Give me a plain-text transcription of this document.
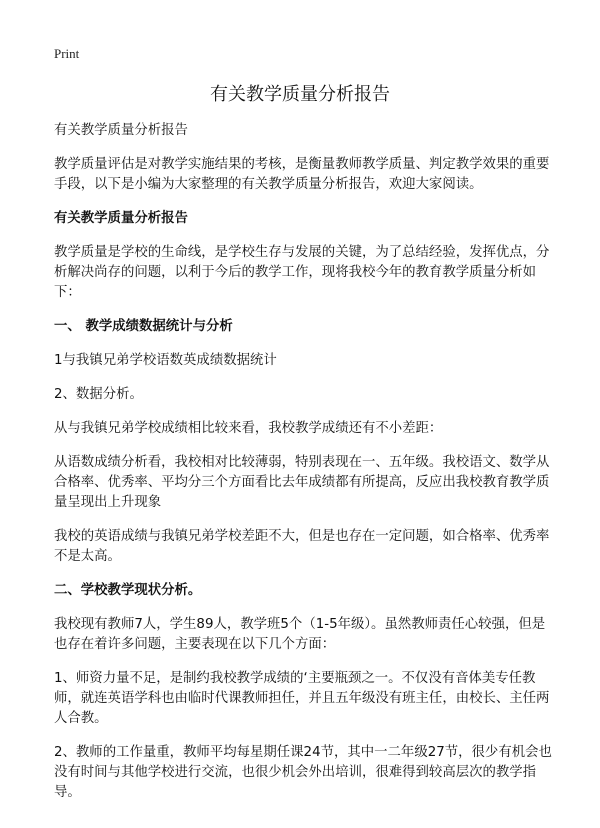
Print
有关教学质量分析报告

有关教学质量分析报告

教学质量评估是对教学实施结果的考核，是衡量教师教学质量、判定教学效果的重要手段，以下是小编为大家整理的有关教学质量分析报告，欢迎大家阅读。

有关教学质量分析报告

教学质量是学校的生命线，是学校生存与发展的关键，为了总结经验，发挥优点，分析解决尚存的问题，以利于今后的教学工作，现将我校今年的教育教学质量分析如下：

一、 教学成绩数据统计与分析

1与我镇兄弟学校语数英成绩数据统计

2、数据分析。

从与我镇兄弟学校成绩相比较来看，我校教学成绩还有不小差距：

从语数成绩分析看，我校相对比较薄弱，特别表现在一、五年级。我校语文、数学从合格率、优秀率、平均分三个方面看比去年成绩都有所提高，反应出我校教育教学质量呈现出上升现象

我校的英语成绩与我镇兄弟学校差距不大，但是也存在一定问题，如合格率、优秀率不是太高。

二、学校教学现状分析。

我校现有教师7人，学生89人，教学班5个（1-5年级）。虽然教师责任心较强，但是也存在着许多问题，主要表现在以下几个方面：

1、师资力量不足，是制约我校教学成绩的‘主要瓶颈之一。不仅没有音体美专任教师，就连英语学科也由临时代课教师担任，并且五年级没有班主任，由校长、主任两人合教。

2、教师的工作量重，教师平均每星期任课24节，其中一二年级27节，很少有机会也没有时间与其他学校进行交流，也很少机会外出培训，很难得到较高层次的教学指导。
